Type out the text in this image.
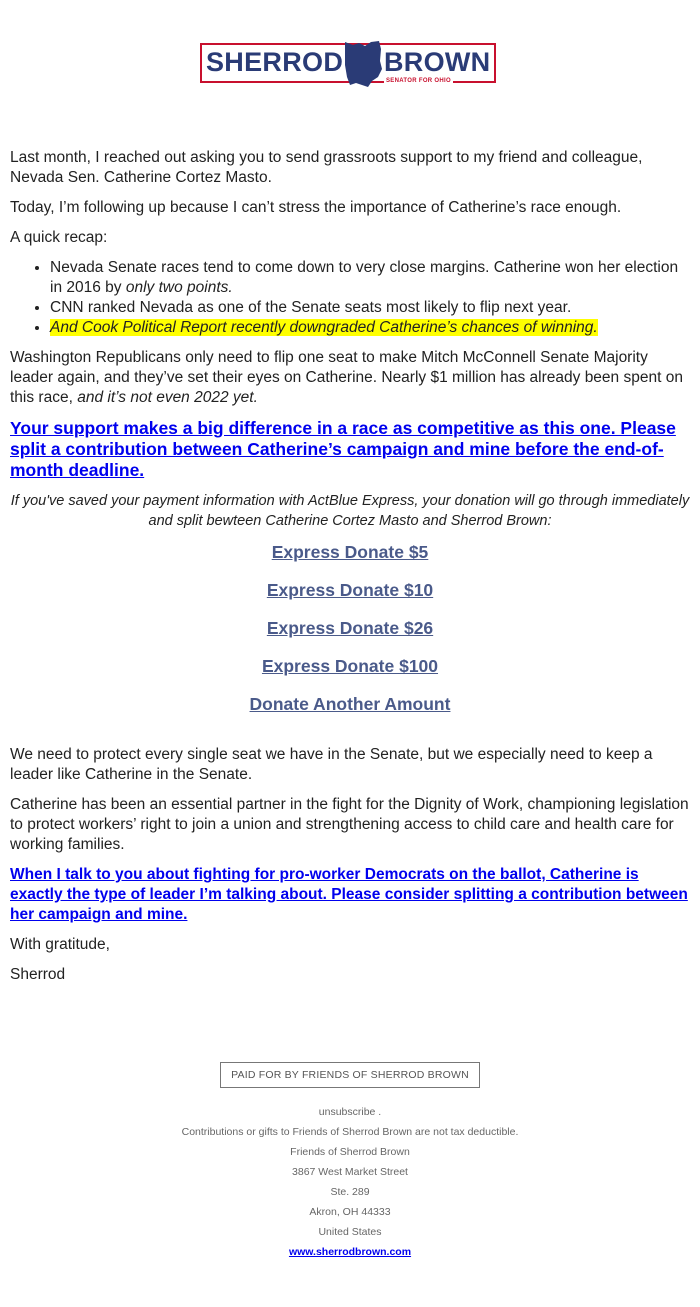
SHERROD BROWN
SENATOR FOR OHIO

Last month, I reached out asking you to send grassroots support to my friend and colleague, Nevada Sen. Catherine Cortez Masto.

Today, I’m following up because I can’t stress the importance of Catherine’s race enough.

A quick recap:

• Nevada Senate races tend to come down to very close margins. Catherine won her election in 2016 by only two points.
• CNN ranked Nevada as one of the Senate seats most likely to flip next year.
• And Cook Political Report recently downgraded Catherine’s chances of winning.

Washington Republicans only need to flip one seat to make Mitch McConnell Senate Majority leader again, and they’ve set their eyes on Catherine. Nearly $1 million has already been spent on this race, and it’s not even 2022 yet.

Your support makes a big difference in a race as competitive as this one. Please split a contribution between Catherine’s campaign and mine before the end-of-month deadline.

If you've saved your payment information with ActBlue Express, your donation will go through immediately and split bewteen Catherine Cortez Masto and Sherrod Brown:

Express Donate $5
Express Donate $10
Express Donate $26
Express Donate $100
Donate Another Amount

We need to protect every single seat we have in the Senate, but we especially need to keep a leader like Catherine in the Senate.

Catherine has been an essential partner in the fight for the Dignity of Work, championing legislation to protect workers’ right to join a union and strengthening access to child care and health care for working families.

When I talk to you about fighting for pro-worker Democrats on the ballot, Catherine is exactly the type of leader I’m talking about. Please consider splitting a contribution between her campaign and mine.

With gratitude,

Sherrod

PAID FOR BY FRIENDS OF SHERROD BROWN
unsubscribe .
Contributions or gifts to Friends of Sherrod Brown are not tax deductible.
Friends of Sherrod Brown
3867 West Market Street
Ste. 289
Akron, OH 44333
United States
www.sherrodbrown.com
